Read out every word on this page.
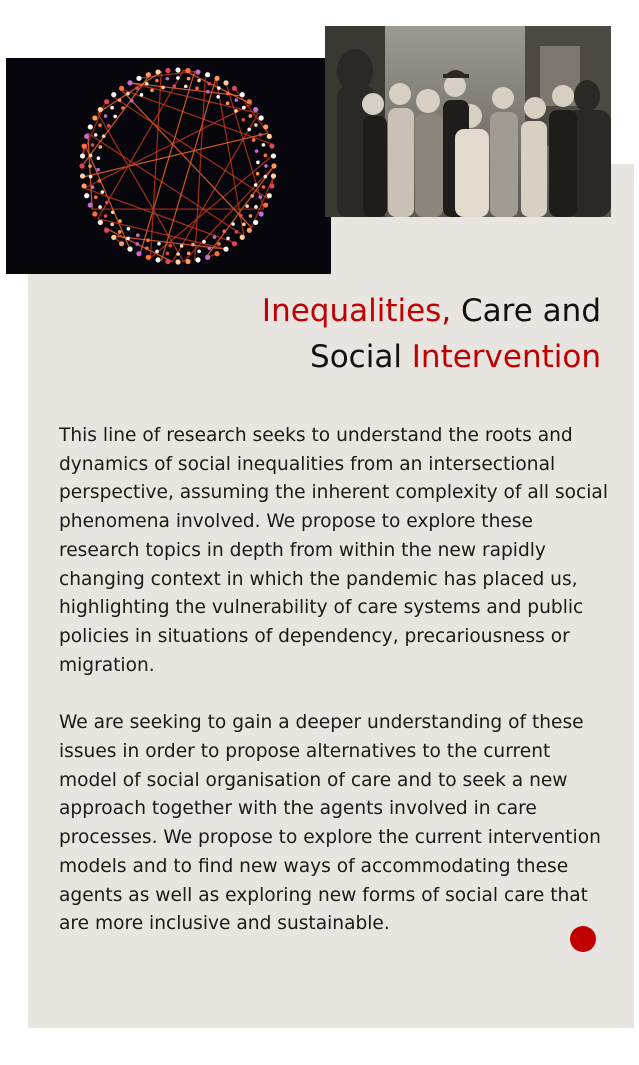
Inequalities, Care and
Social Intervention

This line of research seeks to understand the roots and dynamics of social inequalities from an intersectional perspective, assuming the inherent complexity of all social phenomena involved. We propose to explore these research topics in depth from within the new rapidly changing context in which the pandemic has placed us, highlighting the vulnerability of care systems and public policies in situations of dependency, precariousness or migration.

We are seeking to gain a deeper understanding of these issues in order to propose alternatives to the current model of social organisation of care and to seek a new approach together with the agents involved in care processes. We propose to explore the current intervention models and to find new ways of accommodating these agents as well as exploring new forms of social care that are more inclusive and sustainable.
